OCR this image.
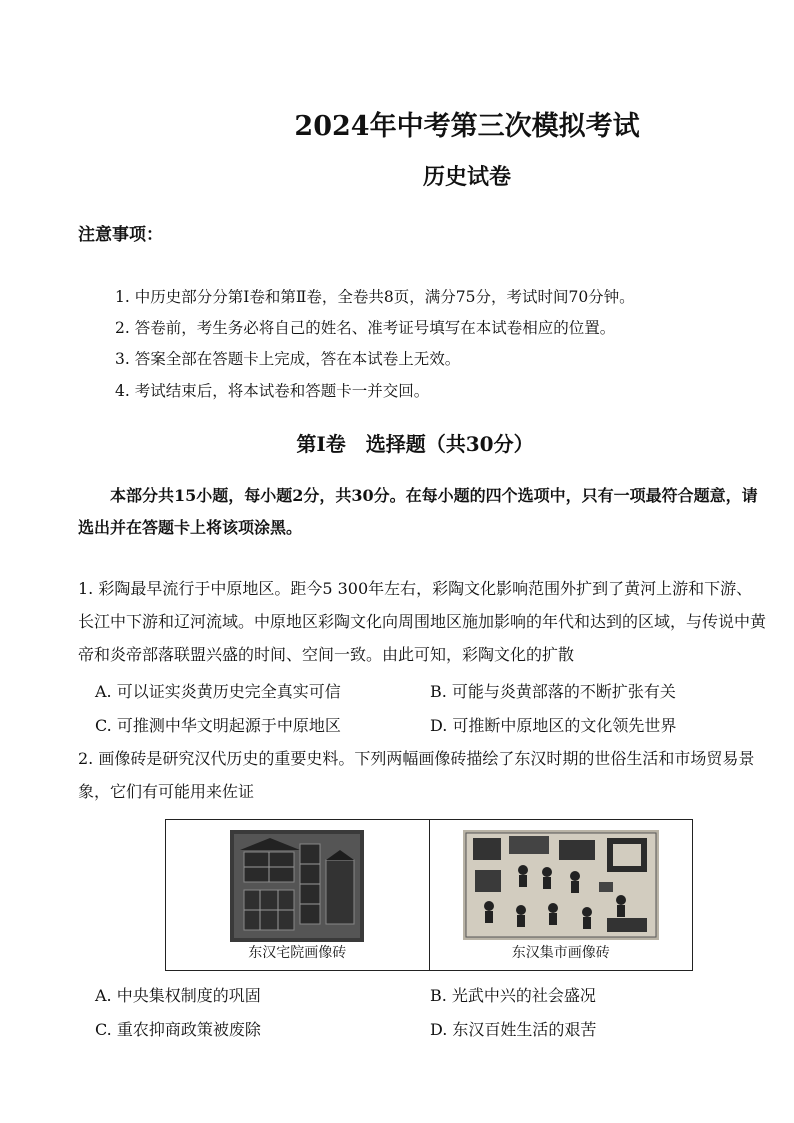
2024年中考第三次模拟考试
历史试卷
注意事项：
1. 中历史部分分第Ⅰ卷和第Ⅱ卷，全卷共8页，满分75分，考试时间70分钟。
2. 答卷前，考生务必将自己的姓名、准考证号填写在本试卷相应的位置。
3. 答案全部在答题卡上完成，答在本试卷上无效。
4. 考试结束后，将本试卷和答题卡一并交回。
第Ⅰ卷　选择题（共30分）
本部分共15小题，每小题2分，共30分。在每小题的四个选项中，只有一项最符合题意，请选出并在答题卡上将该项涂黑。
1. 彩陶最早流行于中原地区。距今5 300年左右，彩陶文化影响范围外扩到了黄河上游和下游、长江中下游和辽河流域。中原地区彩陶文化向周围地区施加影响的年代和达到的区域，与传说中黄帝和炎帝部落联盟兴盛的时间、空间一致。由此可知，彩陶文化的扩散
A. 可以证实炎黄历史完全真实可信	B. 可能与炎黄部落的不断扩张有关
C. 可推测中华文明起源于中原地区	D. 可推断中原地区的文化领先世界
2. 画像砖是研究汉代历史的重要史料。下列两幅画像砖描绘了东汉时期的世俗生活和市场贸易景象，它们有可能用来佐证
东汉宅院画像砖	东汉集市画像砖
A. 中央集权制度的巩固	B. 光武中兴的社会盛况
C. 重农抑商政策被废除	D. 东汉百姓生活的艰苦
